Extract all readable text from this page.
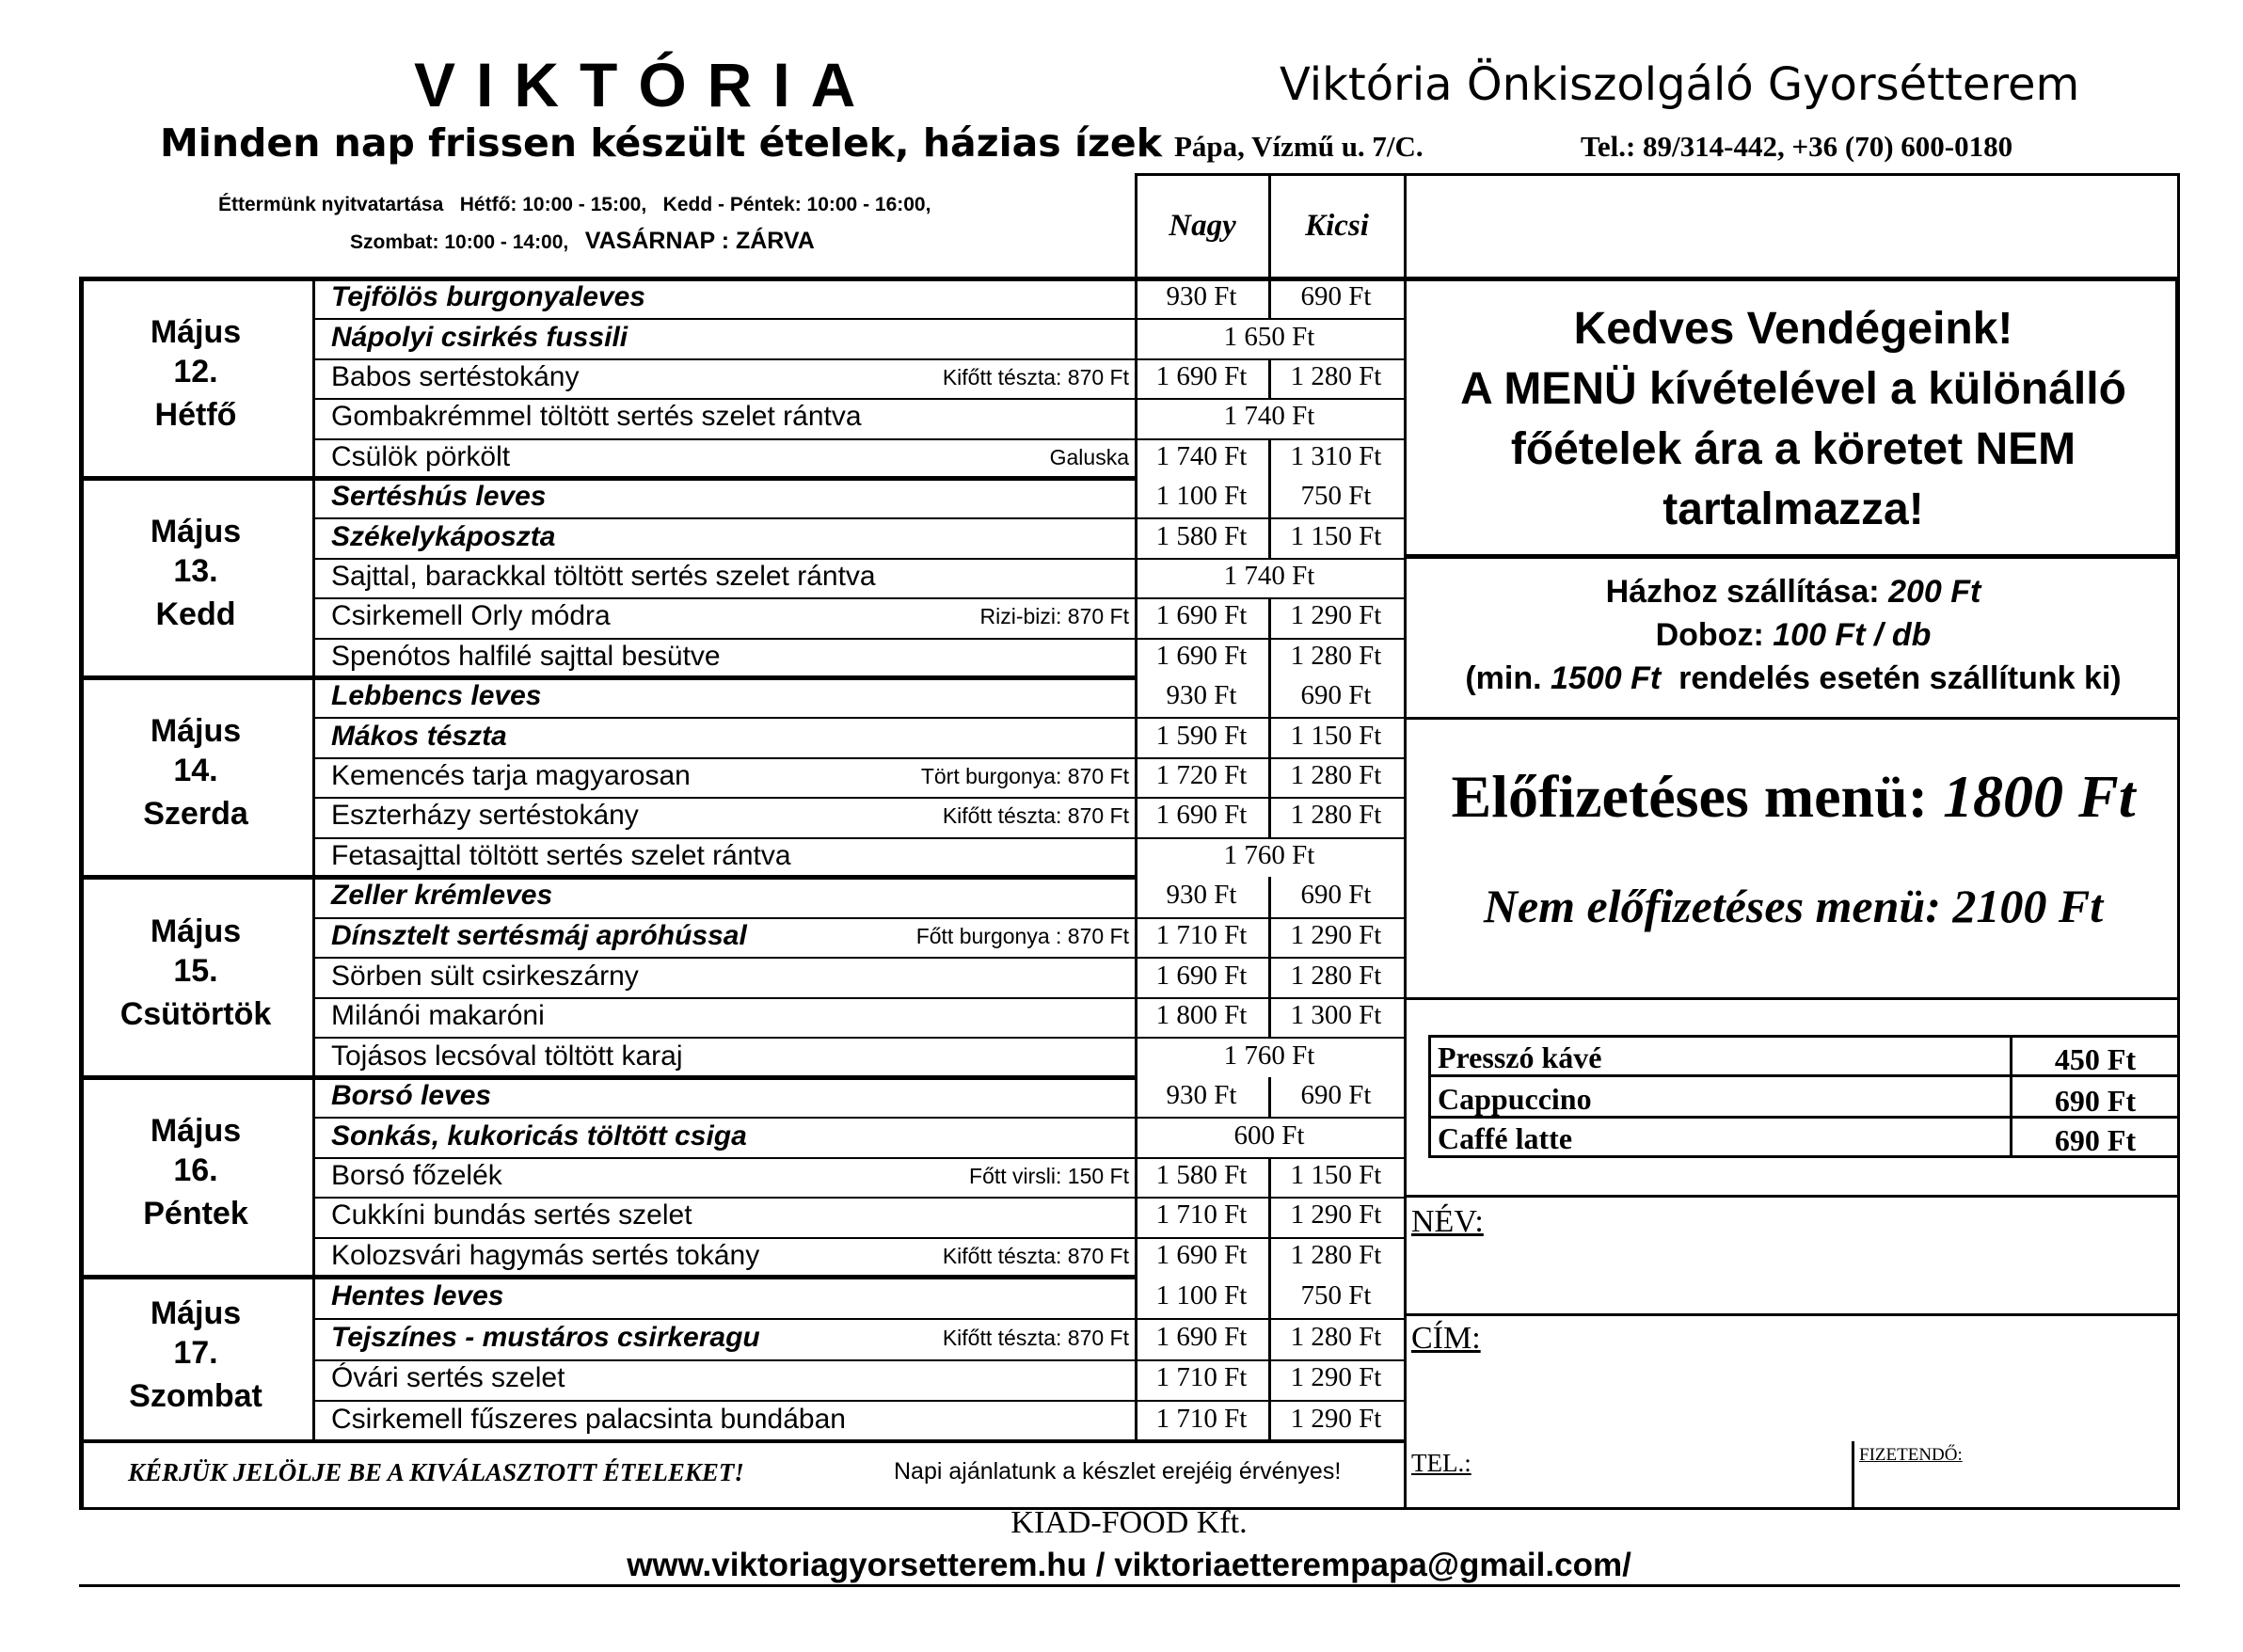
VIKTÓRIA
Minden nap frissen készült ételek, házias ízek
Éttermünk nyitvatartása   Hétfő: 10:00 - 15:00,   Kedd - Péntek: 10:00 - 16:00,
Szombat: 10:00 - 14:00, VASÁRNAP : ZÁRVA
Viktória Önkiszolgáló Gyorsétterem
Pápa, Vízmű u. 7/C.	Tel.: 89/314-442, +36 (70) 600-0180
Nagy	Kicsi
Május
12.
Hétfő
Tejfölös burgonyaleves	930 Ft	690 Ft
Nápolyi csirkés fussili	1 650 Ft
Babos sertéstokány	Kifőtt tészta: 870 Ft 1 690 Ft	1 280 Ft
Gombakrémmel töltött sertés szelet rántva	1 740 Ft
Csülök pörkölt	Galuska 1 740 Ft	1 310 Ft
Május
13.
Kedd
Sertéshús leves	1 100 Ft	750 Ft
Székelykáposzta	1 580 Ft	1 150 Ft
Sajttal, barackkal töltött sertés szelet rántva	1 740 Ft
Csirkemell Orly módra	Rizi-bizi: 870 Ft 1 690 Ft	1 290 Ft
Spenótos halfilé sajttal besütve	1 690 Ft	1 280 Ft
Május
14.
Szerda
Lebbencs leves	930 Ft	690 Ft
Mákos tészta	1 590 Ft	1 150 Ft
Kemencés tarja magyarosan	Tört burgonya: 870 Ft 1 720 Ft	1 280 Ft
Eszterházy sertéstokány	Kifőtt tészta: 870 Ft 1 690 Ft	1 280 Ft
Fetasajttal töltött sertés szelet rántva	1 760 Ft
Május
15.
Csütörtök
Zeller krémleves	930 Ft	690 Ft
Dínsztelt sertésmáj apróhússal	Főtt burgonya : 870 Ft 1 710 Ft	1 290 Ft
Sörben sült csirkeszárny	1 690 Ft	1 280 Ft
Milánói makaróni	1 800 Ft	1 300 Ft
Tojásos lecsóval töltött karaj	1 760 Ft
Május
16.
Péntek
Borsó leves	930 Ft	690 Ft
Sonkás, kukoricás töltött csiga	600 Ft
Borsó főzelék	Főtt virsli: 150 Ft 1 580 Ft	1 150 Ft
Cukkíni bundás sertés szelet	1 710 Ft	1 290 Ft
Kolozsvári hagymás sertés tokány	Kifőtt tészta: 870 Ft 1 690 Ft	1 280 Ft
Május
17.
Szombat
Hentes leves	1 100 Ft	750 Ft
Tejszínes - mustáros csirkeragu	Kifőtt tészta: 870 Ft 1 690 Ft	1 280 Ft
Óvári sertés szelet	1 710 Ft	1 290 Ft
Csirkemell fűszeres palacsinta bundában	1 710 Ft	1 290 Ft
Kedves Vendégeink!
A MENÜ kívételével a különálló
főételek ára a köretet NEM
tartalmazza!
Házhoz szállítása: 200 Ft
Doboz: 100 Ft / db
(min. 1500 Ft  rendelés esetén szállítunk ki)
Előfizetéses menü: 1800 Ft
Nem előfizetéses menü: 2100 Ft
Presszó kávé	450 Ft
Cappuccino	690 Ft
Caffé latte	690 Ft
NÉV:
CÍM:
TEL.:	FIZETENDŐ:
KÉRJÜK JELÖLJE BE A KIVÁLASZTOTT ÉTELEKET!	Napi ajánlatunk a készlet erejéig érvényes!
KIAD-FOOD Kft.
www.viktoriagyorsetterem.hu / viktoriaetterempapa@gmail.com/
